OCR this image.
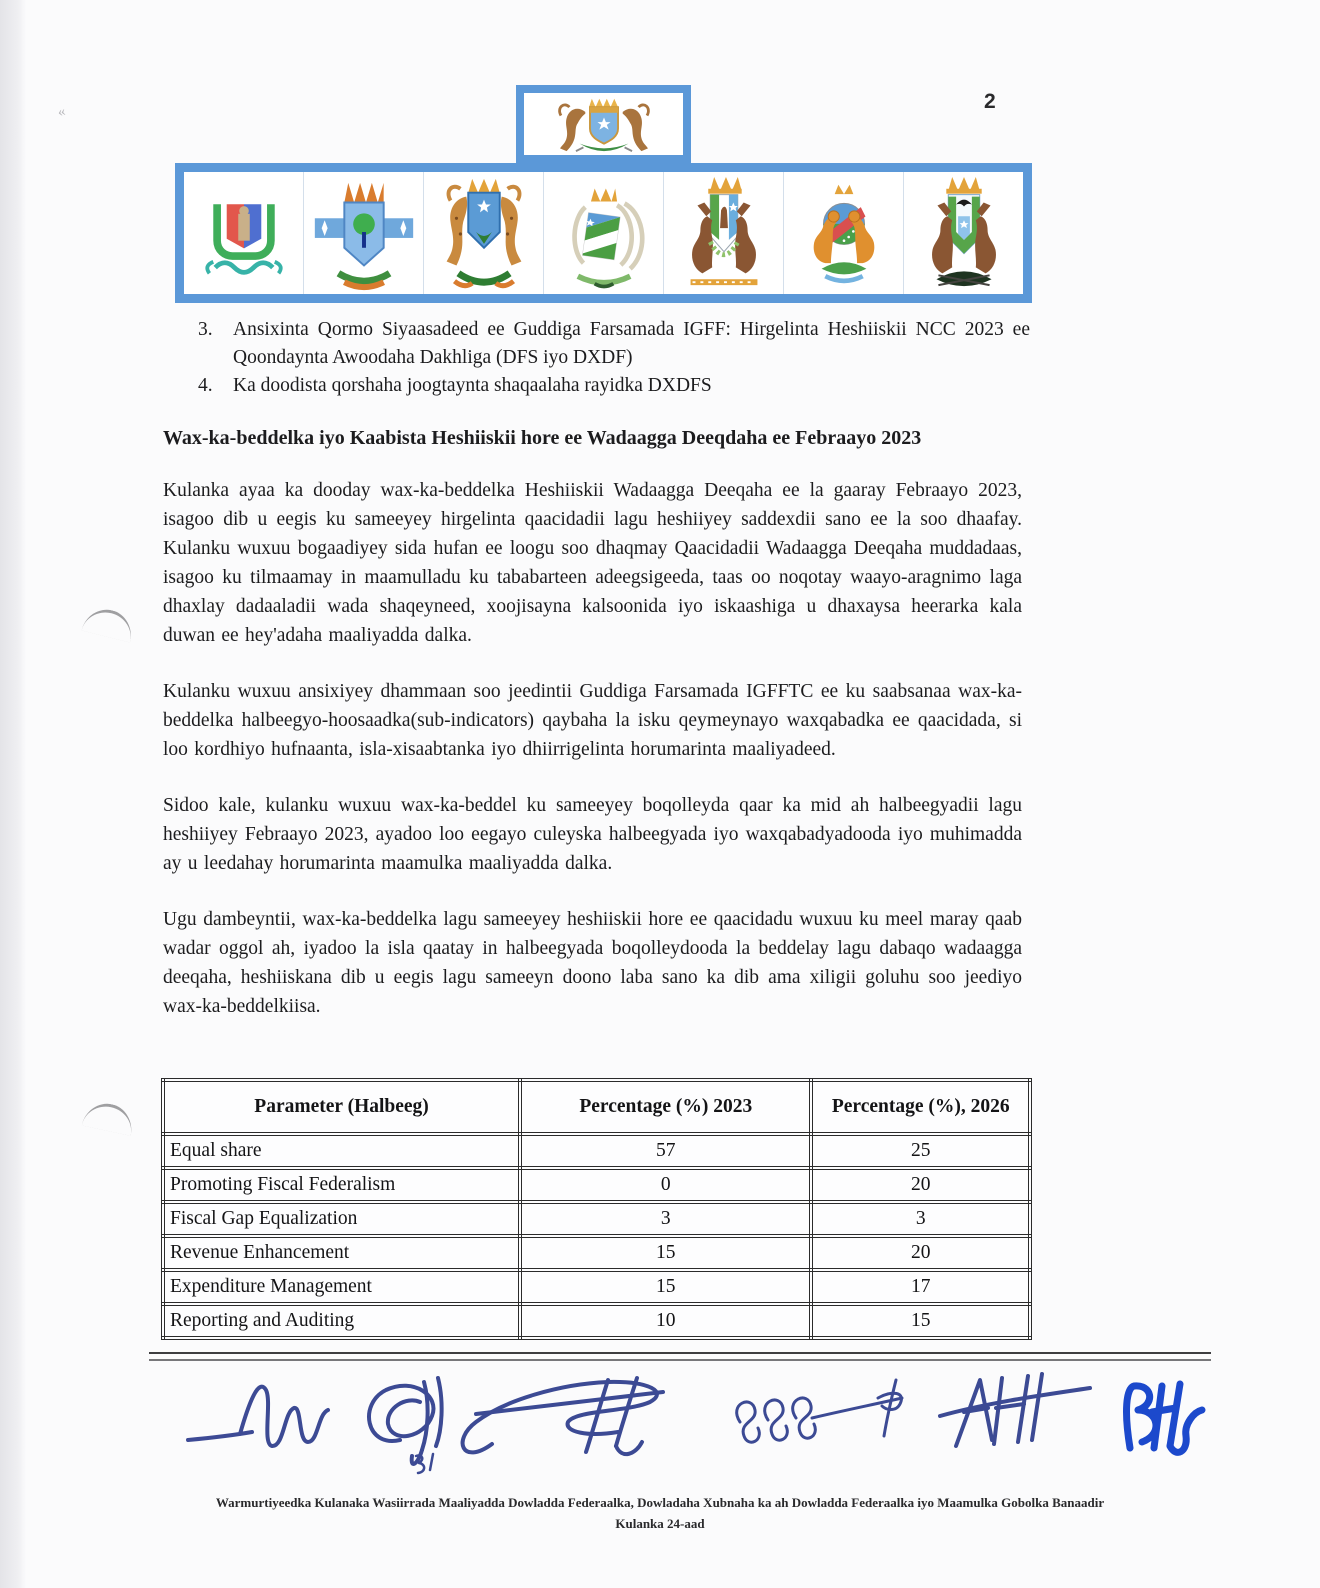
«	2
3.	Ansixinta Qormo Siyaasadeed ee Guddiga Farsamada IGFF: Hirgelinta Heshiiskii NCC 2023 ee Qoondaynta Awoodaha Dakhliga (DFS iyo DXDF)
4.	Ka doodista qorshaha joogtaynta shaqaalaha rayidka DXDFS
Wax-ka-beddelka iyo Kaabista Heshiiskii hore ee Wadaagga Deeqdaha ee Febraayo 2023

Kulanka ayaa ka dooday wax-ka-beddelka Heshiiskii Wadaagga Deeqaha ee la gaaray Febraayo 2023, isagoo dib u eegis ku sameeyey hirgelinta qaacidadii lagu heshiiyey saddexdii sano ee la soo dhaafay. Kulanku wuxuu bogaadiyey sida hufan ee loogu soo dhaqmay Qaacidadii Wadaagga Deeqaha muddadaas, isagoo ku tilmaamay in maamulladu ku tababarteen adeegsigeeda, taas oo noqotay waayo-aragnimo laga dhaxlay dadaaladii wada shaqeyneed, xoojisayna kalsoonida iyo iskaashiga u dhaxaysa heerarka kala duwan ee hey'adaha maaliyadda dalka.

Kulanku wuxuu ansixiyey dhammaan soo jeedintii Guddiga Farsamada IGFFTC ee ku saabsanaa wax-ka-beddelka halbeegyo-hoosaadka(sub-indicators) qaybaha la isku qeymeynayo waxqabadka ee qaacidada, si loo kordhiyo hufnaanta, isla-xisaabtanka iyo dhiirrigelinta horumarinta maaliyadeed.

Sidoo kale, kulanku wuxuu wax-ka-beddel ku sameeyey boqolleyda qaar ka mid ah halbeegyadii lagu heshiiyey Febraayo 2023, ayadoo loo eegayo culeyska halbeegyada iyo waxqabadyadooda iyo muhimadda ay u leedahay horumarinta maamulka maaliyadda dalka.

Ugu dambeyntii, wax-ka-beddelka lagu sameeyey heshiiskii hore ee qaacidadu wuxuu ku meel maray qaab wadar oggol ah, iyadoo la isla qaatay in halbeegyada boqolleydooda la beddelay lagu dabaqo wadaagga deeqaha, heshiiskana dib u eegis lagu sameeyn doono laba sano ka dib ama xiligii goluhu soo jeediyo wax-ka-beddelkiisa.

Parameter (Halbeeg)	Percentage (%) 2023	Percentage (%), 2026
Equal share	57	25
Promoting Fiscal Federalism	0	20
Fiscal Gap Equalization	3	3
Revenue Enhancement	15	20
Expenditure Management	15	17
Reporting and Auditing	10	15
Warmurtiyeedka Kulanaka Wasiirrada Maaliyadda Dowladda Federaalka, Dowladaha Xubnaha ka ah Dowladda Federaalka iyo Maamulka Gobolka Banaadir
Kulanka 24-aad
